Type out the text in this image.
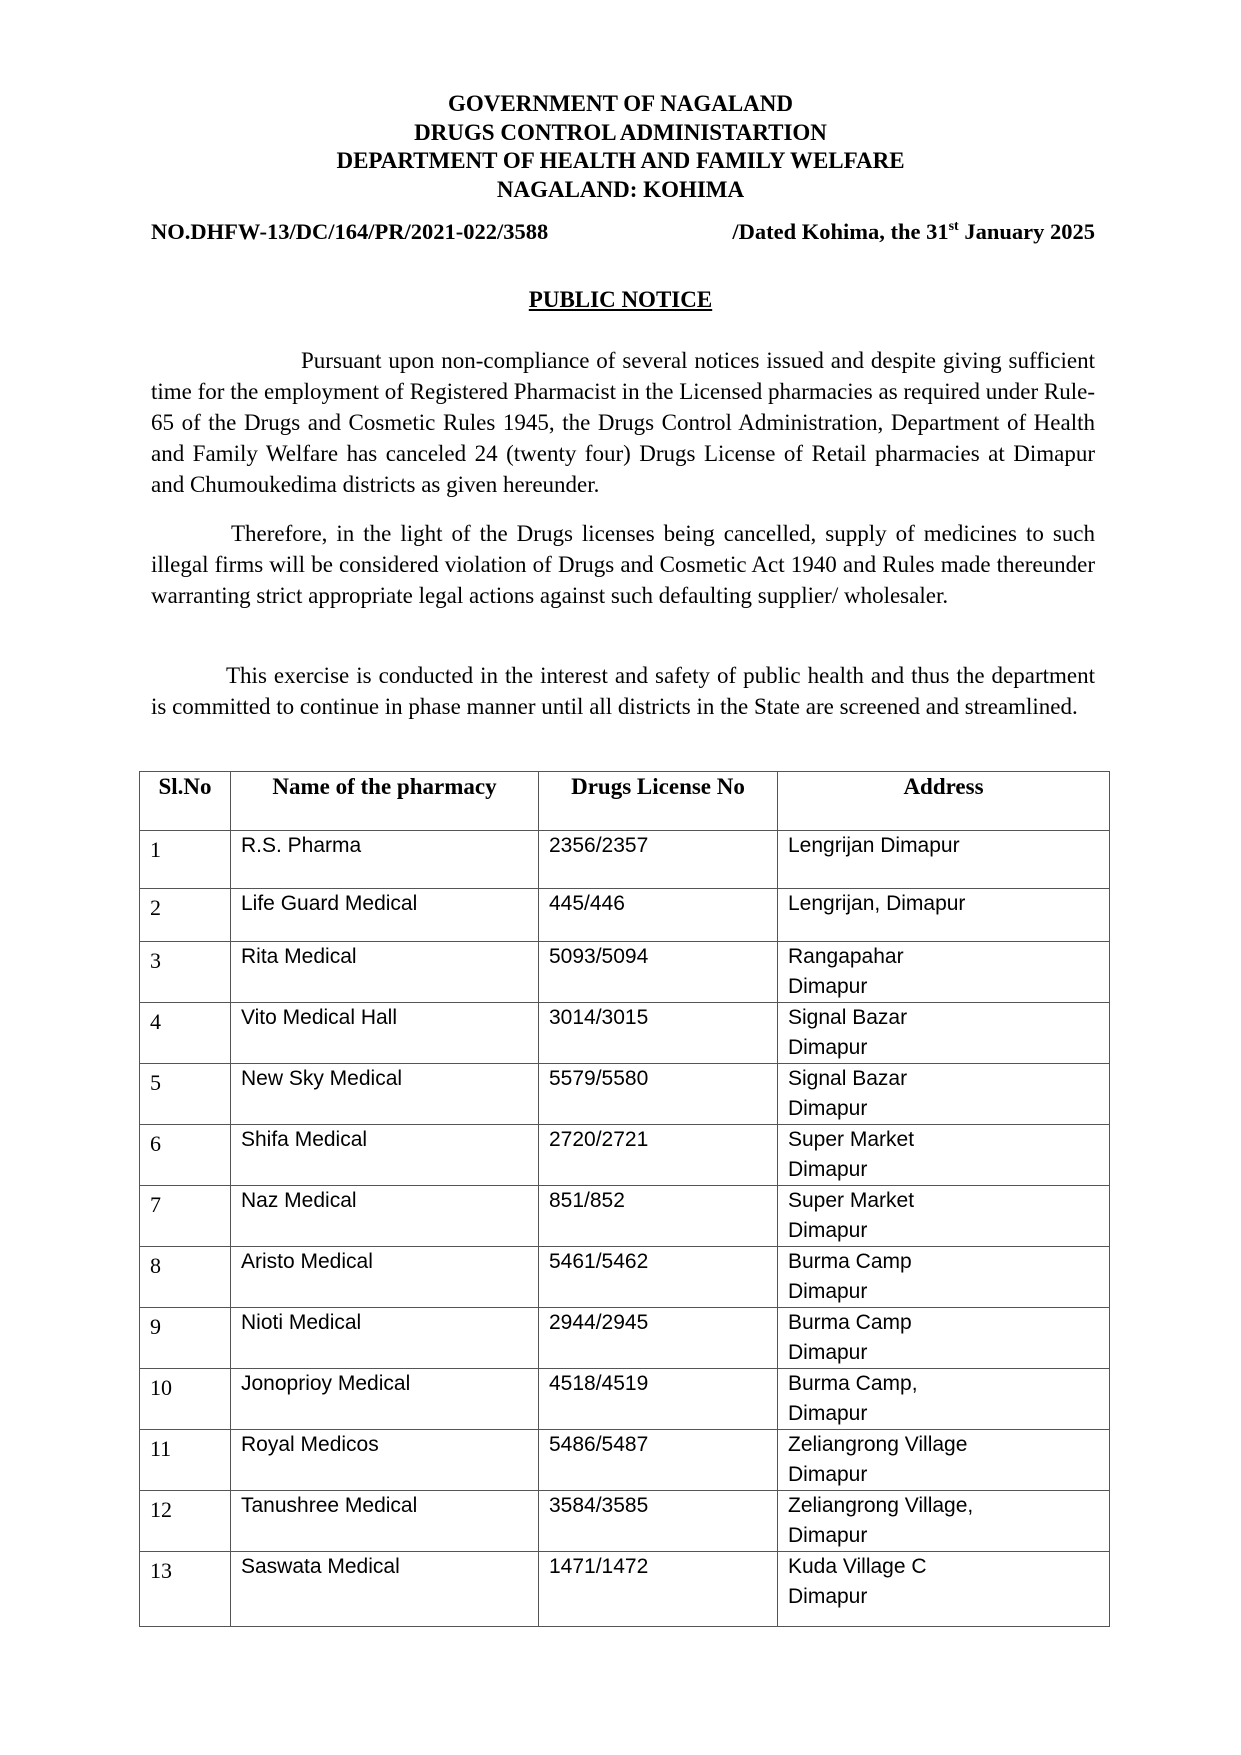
GOVERNMENT OF NAGALAND
DRUGS CONTROL ADMINISTARTION
DEPARTMENT OF HEALTH AND FAMILY WELFARE
NAGALAND: KOHIMA
NO.DHFW-13/DC/164/PR/2021-022/3588	/Dated Kohima, the 31st January 2025
PUBLIC NOTICE

Pursuant upon non-compliance of several notices issued and despite giving sufficient time for the employment of Registered Pharmacist in the Licensed pharmacies as required under Rule-65 of the Drugs and Cosmetic Rules 1945, the Drugs Control Administration, Department of Health and Family Welfare has canceled 24 (twenty four) Drugs License of Retail pharmacies at Dimapur and Chumoukedima districts as given hereunder.

Therefore, in the light of the Drugs licenses being cancelled, supply of medicines to such illegal firms will be considered violation of Drugs and Cosmetic Act 1940 and Rules made thereunder warranting strict appropriate legal actions against such defaulting supplier/ wholesaler.

This exercise is conducted in the interest and safety of public health and thus the department is committed to continue in phase manner until all districts in the State are screened and streamlined.

Sl.No	Name of the pharmacy	Drugs License No	Address
1	R.S. Pharma	2356/2357	Lengrijan Dimapur
2	Life Guard Medical	445/446	Lengrijan, Dimapur
3	Rita Medical	5093/5094	Rangapahar
Dimapur
4	Vito Medical Hall	3014/3015	Signal Bazar
Dimapur
5	New Sky Medical	5579/5580	Signal Bazar
Dimapur
6	Shifa Medical	2720/2721	Super Market
Dimapur
7	Naz Medical	851/852	Super Market
Dimapur
8	Aristo Medical	5461/5462	Burma Camp
Dimapur
9	Nioti Medical	2944/2945	Burma Camp
Dimapur
10	Jonoprioy Medical	4518/4519	Burma Camp,
Dimapur
11	Royal Medicos	5486/5487	Zeliangrong Village
Dimapur
12	Tanushree Medical	3584/3585	Zeliangrong Village,
Dimapur
13	Saswata Medical	1471/1472	Kuda Village C
Dimapur
